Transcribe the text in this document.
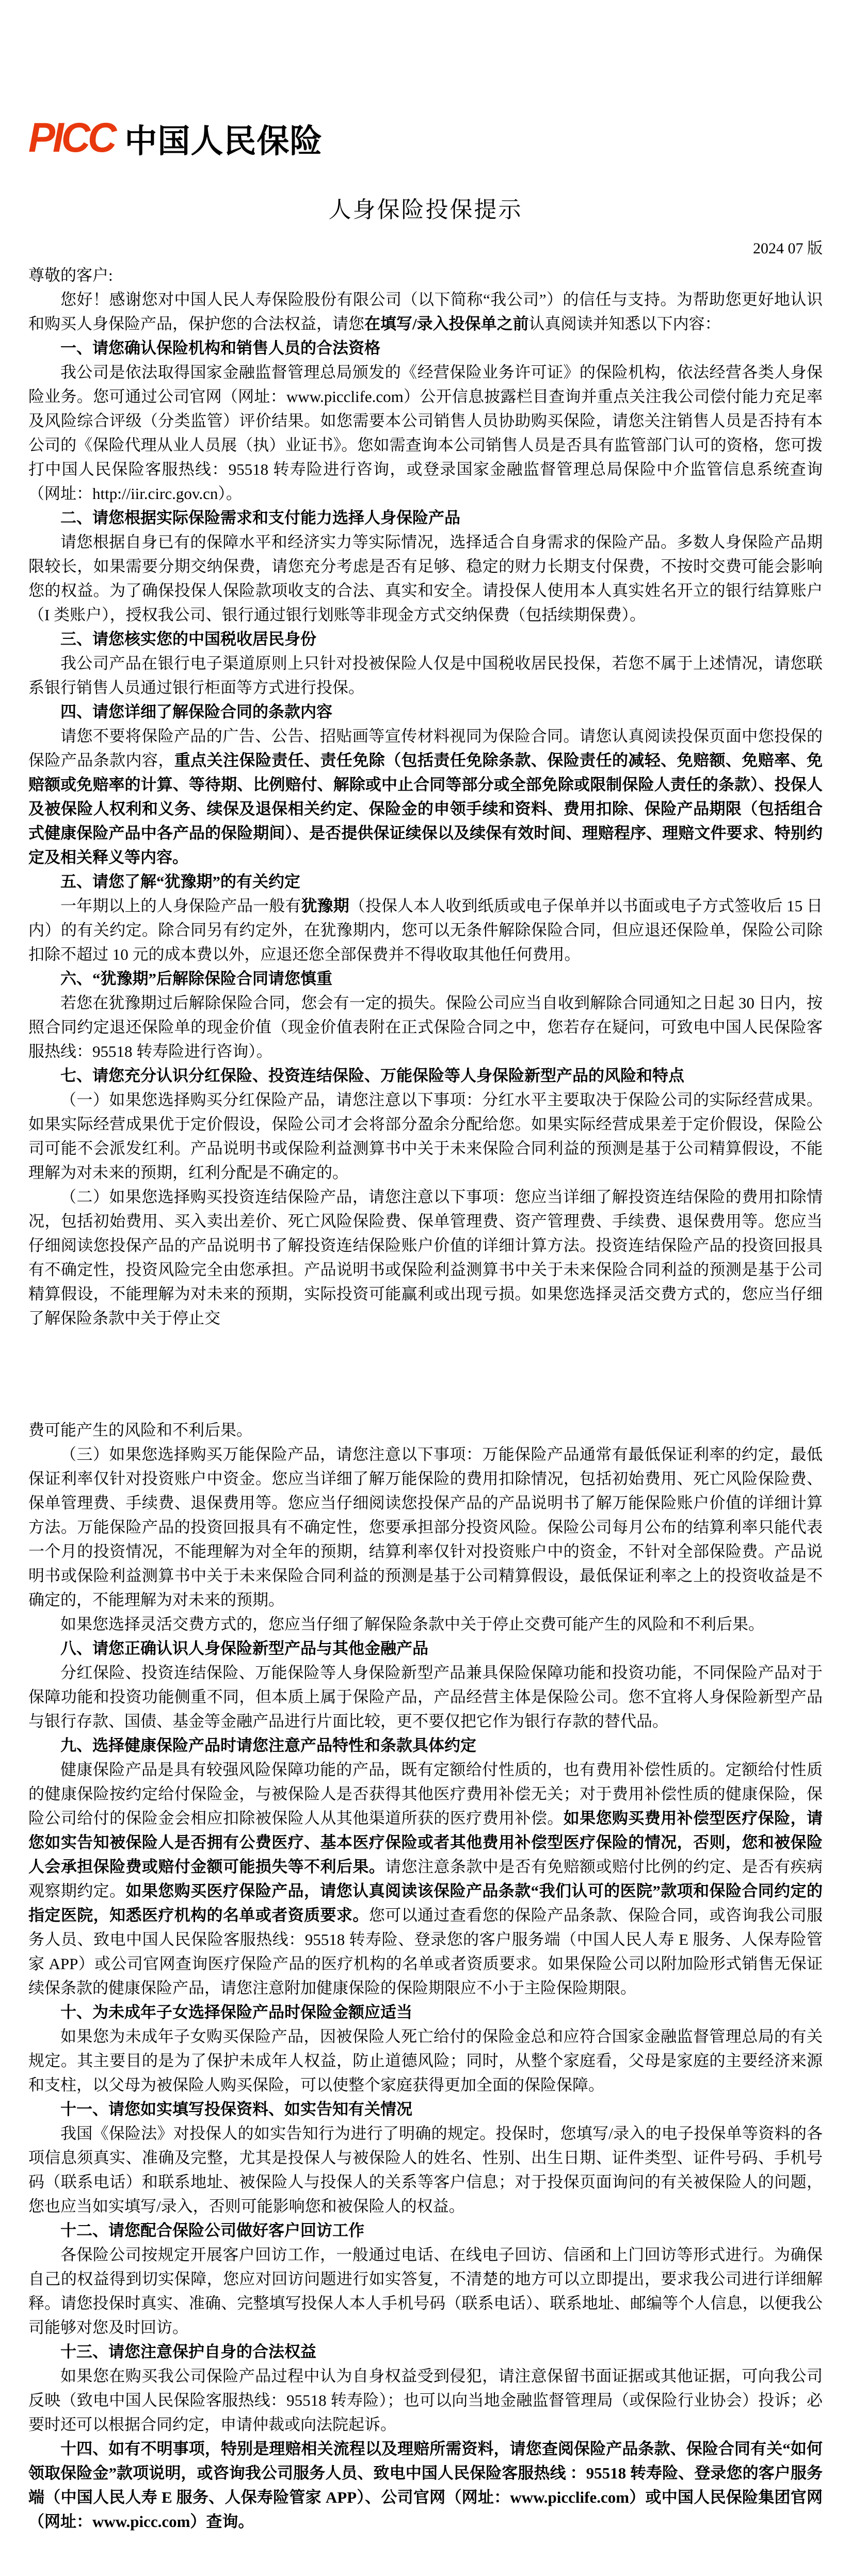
PICC 中国人民保险
人身保险投保提示
2024 07 版
尊敬的客户:
您好！感谢您对中国人民人寿保险股份有限公司（以下简称“我公司”）的信任与支持。为帮助您更好地认识和购买人身保险产品，保护您的合法权益，请您在填写/录入投保单之前认真阅读并知悉以下内容：
一、请您确认保险机构和销售人员的合法资格
我公司是依法取得国家金融监督管理总局颁发的《经营保险业务许可证》的保险机构，依法经营各类人身保险业务。您可通过公司官网（网址：www.picclife.com）公开信息披露栏目查询并重点关注我公司偿付能力充足率及风险综合评级（分类监管）评价结果。如您需要本公司销售人员协助购买保险，请您关注销售人员是否持有本公司的《保险代理从业人员展（执）业证书》。您如需查询本公司销售人员是否具有监管部门认可的资格，您可拨打中国人民保险客服热线：95518 转寿险进行咨询，或登录国家金融监督管理总局保险中介监管信息系统查询（网址：http://iir.circ.gov.cn）。
二、请您根据实际保险需求和支付能力选择人身保险产品
请您根据自身已有的保障水平和经济实力等实际情况，选择适合自身需求的保险产品。多数人身保险产品期限较长，如果需要分期交纳保费，请您充分考虑是否有足够、稳定的财力长期支付保费，不按时交费可能会影响您的权益。为了确保投保人保险款项收支的合法、真实和安全。请投保人使用本人真实姓名开立的银行结算账户（I 类账户），授权我公司、银行通过银行划账等非现金方式交纳保费（包括续期保费）。
三、请您核实您的中国税收居民身份
我公司产品在银行电子渠道原则上只针对投被保险人仅是中国税收居民投保，若您不属于上述情况，请您联系银行销售人员通过银行柜面等方式进行投保。
四、请您详细了解保险合同的条款内容
请您不要将保险产品的广告、公告、招贴画等宣传材料视同为保险合同。请您认真阅读投保页面中您投保的保险产品条款内容，重点关注保险责任、责任免除（包括责任免除条款、保险责任的减轻、免赔额、免赔率、免赔额或免赔率的计算、等待期、比例赔付、解除或中止合同等部分或全部免除或限制保险人责任的条款）、投保人及被保险人权利和义务、续保及退保相关约定、保险金的申领手续和资料、费用扣除、保险产品期限（包括组合式健康保险产品中各产品的保险期间）、是否提供保证续保以及续保有效时间、理赔程序、理赔文件要求、特别约定及相关释义等内容。
五、请您了解“犹豫期”的有关约定
一年期以上的人身保险产品一般有犹豫期（投保人本人收到纸质或电子保单并以书面或电子方式签收后 15 日内）的有关约定。除合同另有约定外，在犹豫期内，您可以无条件解除保险合同，但应退还保险单，保险公司除扣除不超过 10 元的成本费以外，应退还您全部保费并不得收取其他任何费用。
六、“犹豫期”后解除保险合同请您慎重
若您在犹豫期过后解除保险合同，您会有一定的损失。保险公司应当自收到解除合同通知之日起 30 日内，按照合同约定退还保险单的现金价值（现金价值表附在正式保险合同之中，您若存在疑问，可致电中国人民保险客服热线：95518 转寿险进行咨询）。
七、请您充分认识分红保险、投资连结保险、万能保险等人身保险新型产品的风险和特点
（一）如果您选择购买分红保险产品，请您注意以下事项：分红水平主要取决于保险公司的实际经营成果。如果实际经营成果优于定价假设，保险公司才会将部分盈余分配给您。如果实际经营成果差于定价假设，保险公司可能不会派发红利。产品说明书或保险利益测算书中关于未来保险合同利益的预测是基于公司精算假设，不能理解为对未来的预期，红利分配是不确定的。
（二）如果您选择购买投资连结保险产品，请您注意以下事项：您应当详细了解投资连结保险的费用扣除情况，包括初始费用、买入卖出差价、死亡风险保险费、保单管理费、资产管理费、手续费、退保费用等。您应当仔细阅读您投保产品的产品说明书了解投资连结保险账户价值的详细计算方法。投资连结保险产品的投资回报具有不确定性，投资风险完全由您承担。产品说明书或保险利益测算书中关于未来保险合同利益的预测是基于公司精算假设，不能理解为对未来的预期，实际投资可能赢利或出现亏损。如果您选择灵活交费方式的，您应当仔细了解保险条款中关于停止交
费可能产生的风险和不利后果。
（三）如果您选择购买万能保险产品，请您注意以下事项：万能保险产品通常有最低保证利率的约定，最低保证利率仅针对投资账户中资金。您应当详细了解万能保险的费用扣除情况，包括初始费用、死亡风险保险费、保单管理费、手续费、退保费用等。您应当仔细阅读您投保产品的产品说明书了解万能保险账户价值的详细计算方法。万能保险产品的投资回报具有不确定性，您要承担部分投资风险。保险公司每月公布的结算利率只能代表一个月的投资情况，不能理解为对全年的预期，结算利率仅针对投资账户中的资金，不针对全部保险费。产品说明书或保险利益测算书中关于未来保险合同利益的预测是基于公司精算假设，最低保证利率之上的投资收益是不确定的，不能理解为对未来的预期。
如果您选择灵活交费方式的，您应当仔细了解保险条款中关于停止交费可能产生的风险和不利后果。
八、请您正确认识人身保险新型产品与其他金融产品
分红保险、投资连结保险、万能保险等人身保险新型产品兼具保险保障功能和投资功能，不同保险产品对于保障功能和投资功能侧重不同，但本质上属于保险产品，产品经营主体是保险公司。您不宜将人身保险新型产品与银行存款、国债、基金等金融产品进行片面比较，更不要仅把它作为银行存款的替代品。
九、选择健康保险产品时请您注意产品特性和条款具体约定
健康保险产品是具有较强风险保障功能的产品，既有定额给付性质的，也有费用补偿性质的。定额给付性质的健康保险按约定给付保险金，与被保险人是否获得其他医疗费用补偿无关；对于费用补偿性质的健康保险，保险公司给付的保险金会相应扣除被保险人从其他渠道所获的医疗费用补偿。如果您购买费用补偿型医疗保险，请您如实告知被保险人是否拥有公费医疗、基本医疗保险或者其他费用补偿型医疗保险的情况，否则，您和被保险人会承担保险费或赔付金额可能损失等不利后果。请您注意条款中是否有免赔额或赔付比例的约定、是否有疾病观察期约定。如果您购买医疗保险产品，请您认真阅读该保险产品条款“我们认可的医院”款项和保险合同约定的指定医院，知悉医疗机构的名单或者资质要求。您可以通过查看您的保险产品条款、保险合同，或咨询我公司服务人员、致电中国人民保险客服热线：95518 转寿险、登录您的客户服务端（中国人民人寿 E 服务、人保寿险管家 APP）或公司官网查询医疗保险产品的医疗机构的名单或者资质要求。如果保险公司以附加险形式销售无保证续保条款的健康保险产品，请您注意附加健康保险的保险期限应不小于主险保险期限。
十、为未成年子女选择保险产品时保险金额应适当
如果您为未成年子女购买保险产品，因被保险人死亡给付的保险金总和应符合国家金融监督管理总局的有关规定。其主要目的是为了保护未成年人权益，防止道德风险；同时，从整个家庭看，父母是家庭的主要经济来源和支柱，以父母为被保险人购买保险，可以使整个家庭获得更加全面的保险保障。
十一、请您如实填写投保资料、如实告知有关情况
我国《保险法》对投保人的如实告知行为进行了明确的规定。投保时，您填写/录入的电子投保单等资料的各项信息须真实、准确及完整，尤其是投保人与被保险人的姓名、性别、出生日期、证件类型、证件号码、手机号码（联系电话）和联系地址、被保险人与投保人的关系等客户信息；对于投保页面询问的有关被保险人的问题，您也应当如实填写/录入，否则可能影响您和被保险人的权益。
十二、请您配合保险公司做好客户回访工作
各保险公司按规定开展客户回访工作，一般通过电话、在线电子回访、信函和上门回访等形式进行。为确保自己的权益得到切实保障，您应对回访问题进行如实答复，不清楚的地方可以立即提出，要求我公司进行详细解释。请您投保时真实、准确、完整填写投保人本人手机号码（联系电话）、联系地址、邮编等个人信息，以便我公司能够对您及时回访。
十三、请您注意保护自身的合法权益
如果您在购买我公司保险产品过程中认为自身权益受到侵犯，请注意保留书面证据或其他证据，可向我公司反映（致电中国人民保险客服热线：95518 转寿险）；也可以向当地金融监督管理局（或保险行业协会）投诉；必要时还可以根据合同约定，申请仲裁或向法院起诉。
十四、如有不明事项，特别是理赔相关流程以及理赔所需资料，请您查阅保险产品条款、保险合同有关“如何领取保险金”款项说明，或咨询我公司服务人员、致电中国人民保险客服热线 ：95518 转寿险、登录您的客户服务端（中国人民人寿 E 服务、人保寿险管家 APP）、公司官网（网址：www.picclife.com）或中国人民保险集团官网（网址：www.picc.com）查询。
